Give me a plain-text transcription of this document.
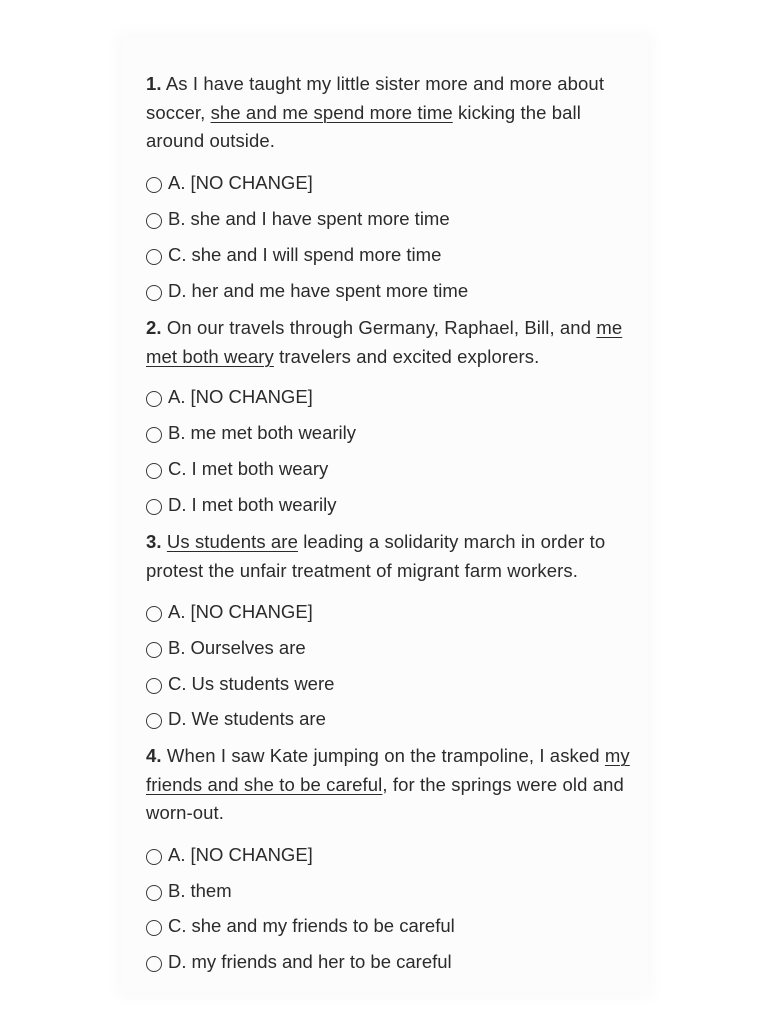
1. As I have taught my little sister more and more about soccer, she and me spend more time kicking the ball around outside.

A. [NO CHANGE]
B. she and I have spent more time
C. she and I will spend more time
D. her and me have spent more time

2. On our travels through Germany, Raphael, Bill, and me met both weary travelers and excited explorers.

A. [NO CHANGE]
B. me met both wearily
C. I met both weary
D. I met both wearily

3. Us students are leading a solidarity march in order to protest the unfair treatment of migrant farm workers.

A. [NO CHANGE]
B. Ourselves are
C. Us students were
D. We students are

4. When I saw Kate jumping on the trampoline, I asked my friends and she to be careful, for the springs were old and worn-out.

A. [NO CHANGE]
B. them
C. she and my friends to be careful
D. my friends and her to be careful
